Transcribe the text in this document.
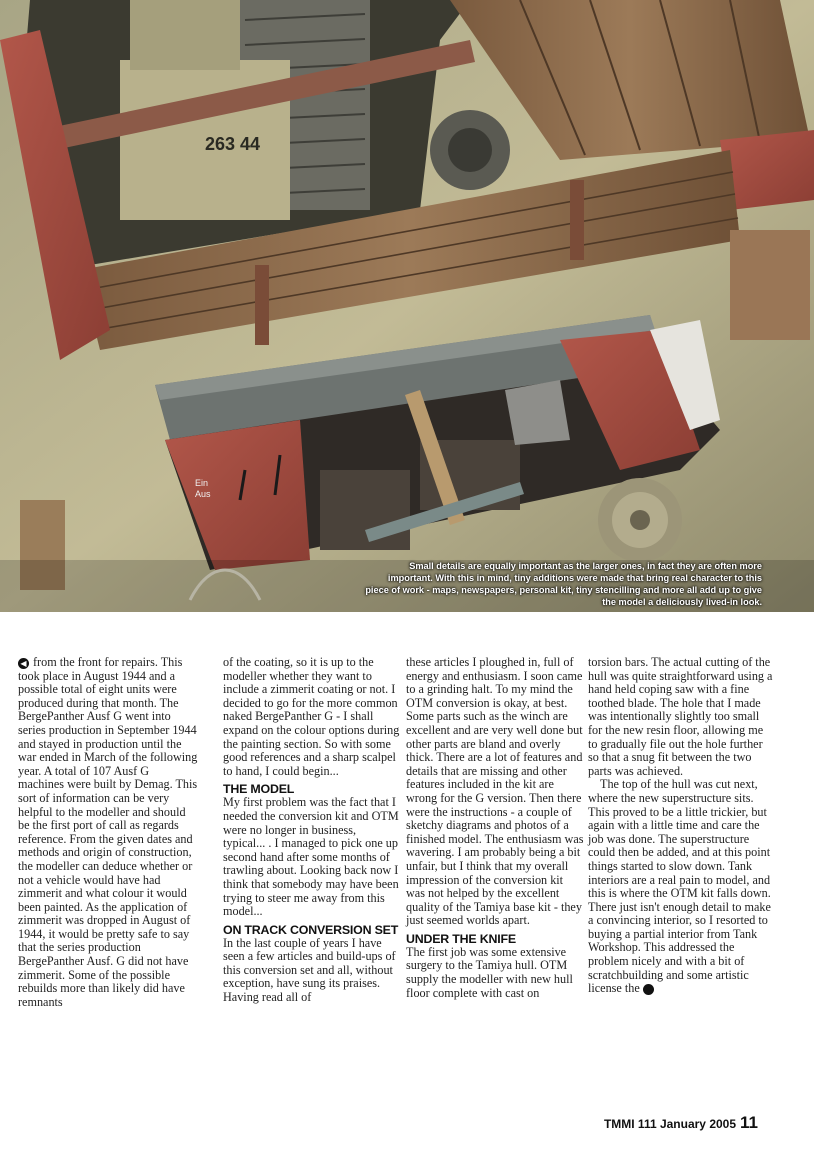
263 44
Ein
Aus
Small details are equally important as the larger ones, in fact they are often more important. With this in mind, tiny additions were made that bring real character to this piece of work - maps, newspapers, personal kit, tiny stencilling and more all add up to give the model a deliciously lived-in look.

◀ from the front for repairs. This took place in August 1944 and a possible total of eight units were produced during that month. The BergePanther Ausf G went into series production in September 1944 and stayed in production until the war ended in March of the following year. A total of 107 Ausf G machines were built by Demag. This sort of information can be very helpful to the modeller and should be the first port of call as regards reference. From the given dates and methods and origin of construction, the modeller can deduce whether or not a vehicle would have had zimmerit and what colour it would been painted. As the application of zimmerit was dropped in August of 1944, it would be pretty safe to say that the series production BergePanther Ausf. G did not have zimmerit. Some of the possible rebuilds more than likely did have remnants

of the coating, so it is up to the modeller whether they want to include a zimmerit coating or not. I decided to go for the more common naked BergePanther G - I shall expand on the colour options during the painting section. So with some good references and a sharp scalpel to hand, I could begin...

THE MODEL

My first problem was the fact that I needed the conversion kit and OTM were no longer in business, typical... . I managed to pick one up second hand after some months of trawling about. Looking back now I think that somebody may have been trying to steer me away from this model...

ON TRACK CONVERSION SET

In the last couple of years I have seen a few articles and build-ups of this conversion set and all, without exception, have sung its praises. Having read all of

these articles I ploughed in, full of energy and enthusiasm. I soon came to a grinding halt. To my mind the OTM conversion is okay, at best. Some parts such as the winch are excellent and are very well done but other parts are bland and overly thick. There are a lot of features and details that are missing and other features included in the kit are wrong for the G version. Then there were the instructions - a couple of sketchy diagrams and photos of a finished model. The enthusiasm was wavering. I am probably being a bit unfair, but I think that my overall impression of the conversion kit was not helped by the excellent quality of the Tamiya base kit - they just seemed worlds apart.

UNDER THE KNIFE

The first job was some extensive surgery to the Tamiya hull. OTM supply the modeller with new hull floor complete with cast on

torsion bars. The actual cutting of the hull was quite straightforward using a hand held coping saw with a fine toothed blade. The hole that I made was intentionally slightly too small for the new resin floor, allowing me to gradually file out the hole further so that a snug fit between the two parts was achieved.

The top of the hull was cut next, where the new superstructure sits. This proved to be a little trickier, but again with a little time and care the job was done. The superstructure could then be added, and at this point things started to slow down. Tank interiors are a real pain to model, and this is where the OTM kit falls down. There just isn't enough detail to make a convincing interior, so I resorted to buying a partial interior from Tank Workshop. This addressed the problem nicely and with a bit of scratchbuilding and some artistic license the ▶

TMMI 111 January 2005 11
